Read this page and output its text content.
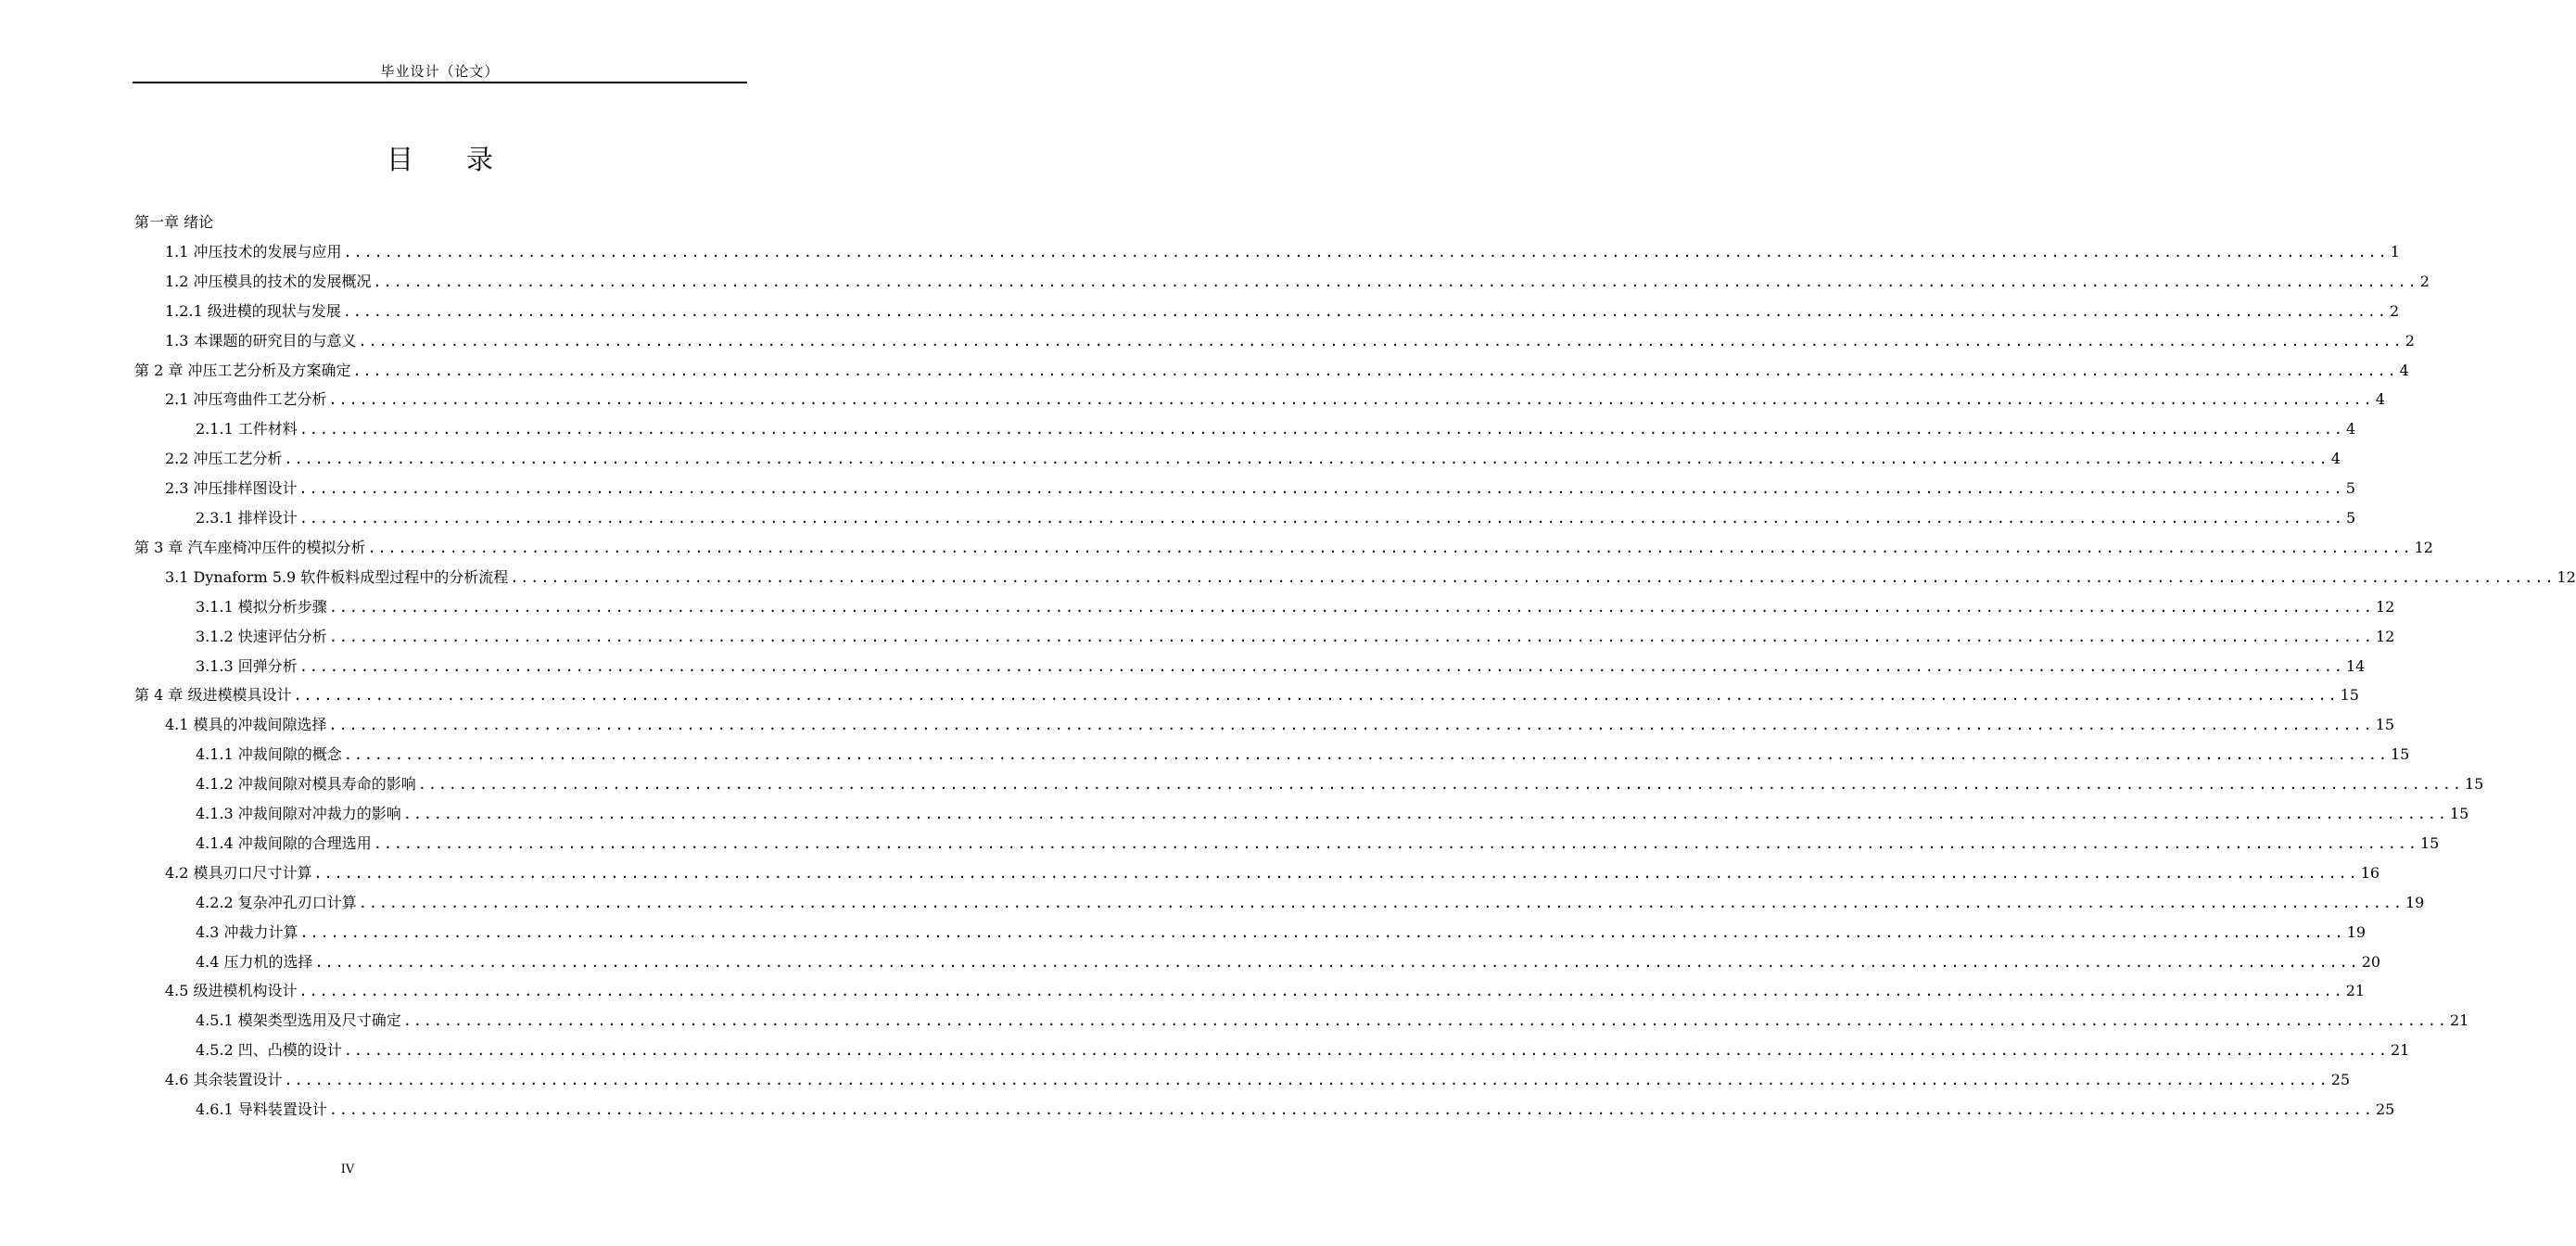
毕业设计（论文）
目 录
第一章 绪论
1.1 冲压技术的发展与应用 ........................................................................................................................................................................................................ 1
1.2 冲压模具的技术的发展概况 ........................................................................................................................................................................................................ 2
1.2.1 级进模的现状与发展 ........................................................................................................................................................................................................ 2
1.3 本课题的研究目的与意义 ........................................................................................................................................................................................................ 2
第 2 章 冲压工艺分析及方案确定 ........................................................................................................................................................................................................ 4
2.1 冲压弯曲件工艺分析 ........................................................................................................................................................................................................ 4
2.1.1 工件材料 ........................................................................................................................................................................................................ 4
2.2 冲压工艺分析 ........................................................................................................................................................................................................ 4
2.3 冲压排样图设计 ........................................................................................................................................................................................................ 5
2.3.1 排样设计 ........................................................................................................................................................................................................ 5
第 3 章 汽车座椅冲压件的模拟分析 ........................................................................................................................................................................................................ 12
3.1 Dynaform 5.9 软件板料成型过程中的分析流程 ........................................................................................................................................................................................................ 12
3.1.1 模拟分析步骤 ........................................................................................................................................................................................................ 12
3.1.2 快速评估分析 ........................................................................................................................................................................................................ 12
3.1.3 回弹分析 ........................................................................................................................................................................................................ 14
第 4 章 级进模模具设计 ........................................................................................................................................................................................................ 15
4.1 模具的冲裁间隙选择 ........................................................................................................................................................................................................ 15
4.1.1 冲裁间隙的概念 ........................................................................................................................................................................................................ 15
4.1.2 冲裁间隙对模具寿命的影响 ........................................................................................................................................................................................................ 15
4.1.3 冲裁间隙对冲裁力的影响 ........................................................................................................................................................................................................ 15
4.1.4 冲裁间隙的合理选用 ........................................................................................................................................................................................................ 15
4.2 模具刃口尺寸计算 ........................................................................................................................................................................................................ 16
4.2.2 复杂冲孔刃口计算 ........................................................................................................................................................................................................ 19
4.3 冲裁力计算 ........................................................................................................................................................................................................ 19
4.4 压力机的选择 ........................................................................................................................................................................................................ 20
4.5 级进模机构设计 ........................................................................................................................................................................................................ 21
4.5.1 模架类型选用及尺寸确定 ........................................................................................................................................................................................................ 21
4.5.2 凹、凸模的设计 ........................................................................................................................................................................................................ 21
4.6 其余装置设计 ........................................................................................................................................................................................................ 25
4.6.1 导料装置设计 ........................................................................................................................................................................................................ 25
IV
